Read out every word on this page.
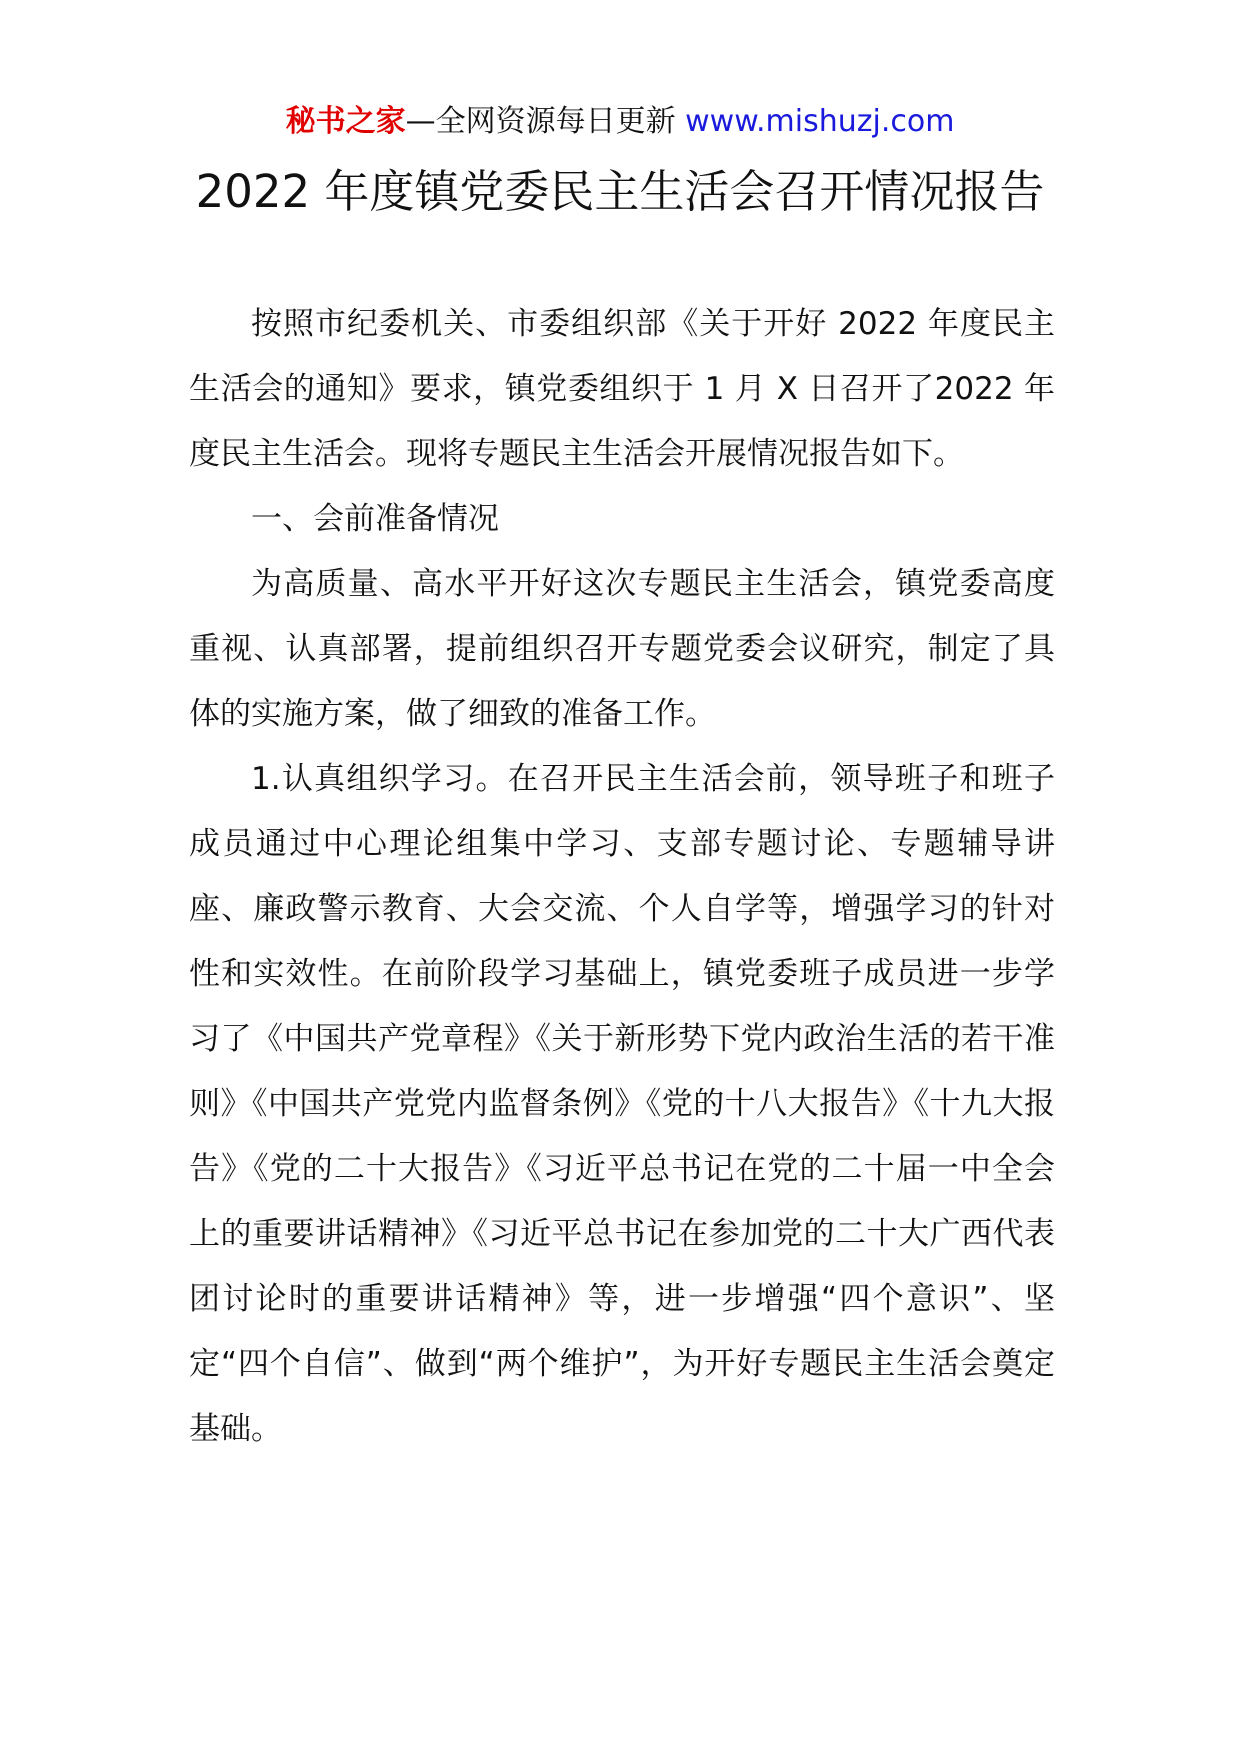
秘书之家—全网资源每日更新 www.mishuzj.com
2022 年度镇党委民主生活会召开情况报告

按照市纪委机关、市委组织部《关于开好 2022 年度民主生活会的通知》要求，镇党委组织于 1 月 X 日召开了2022 年度民主生活会。现将专题民主生活会开展情况报告如下。

一、会前准备情况

为高质量、高水平开好这次专题民主生活会，镇党委高度重视、认真部署，提前组织召开专题党委会议研究，制定了具体的实施方案，做了细致的准备工作。

1.认真组织学习。在召开民主生活会前，领导班子和班子成员通过中心理论组集中学习、支部专题讨论、专题辅导讲座、廉政警示教育、大会交流、个人自学等，增强学习的针对性和实效性。在前阶段学习基础上，镇党委班子成员进一步学习了《中国共产党章程》《关于新形势下党内政治生活的若干准则》《中国共产党党内监督条例》《党的十八大报告》《十九大报告》《党的二十大报告》《习近平总书记在党的二十届一中全会上的重要讲话精神》《习近平总书记在参加党的二十大广西代表团讨论时的重要讲话精神》等，进一步增强“四个意识”、坚定“四个自信”、做到“两个维护”，为开好专题民主生活会奠定基础。
